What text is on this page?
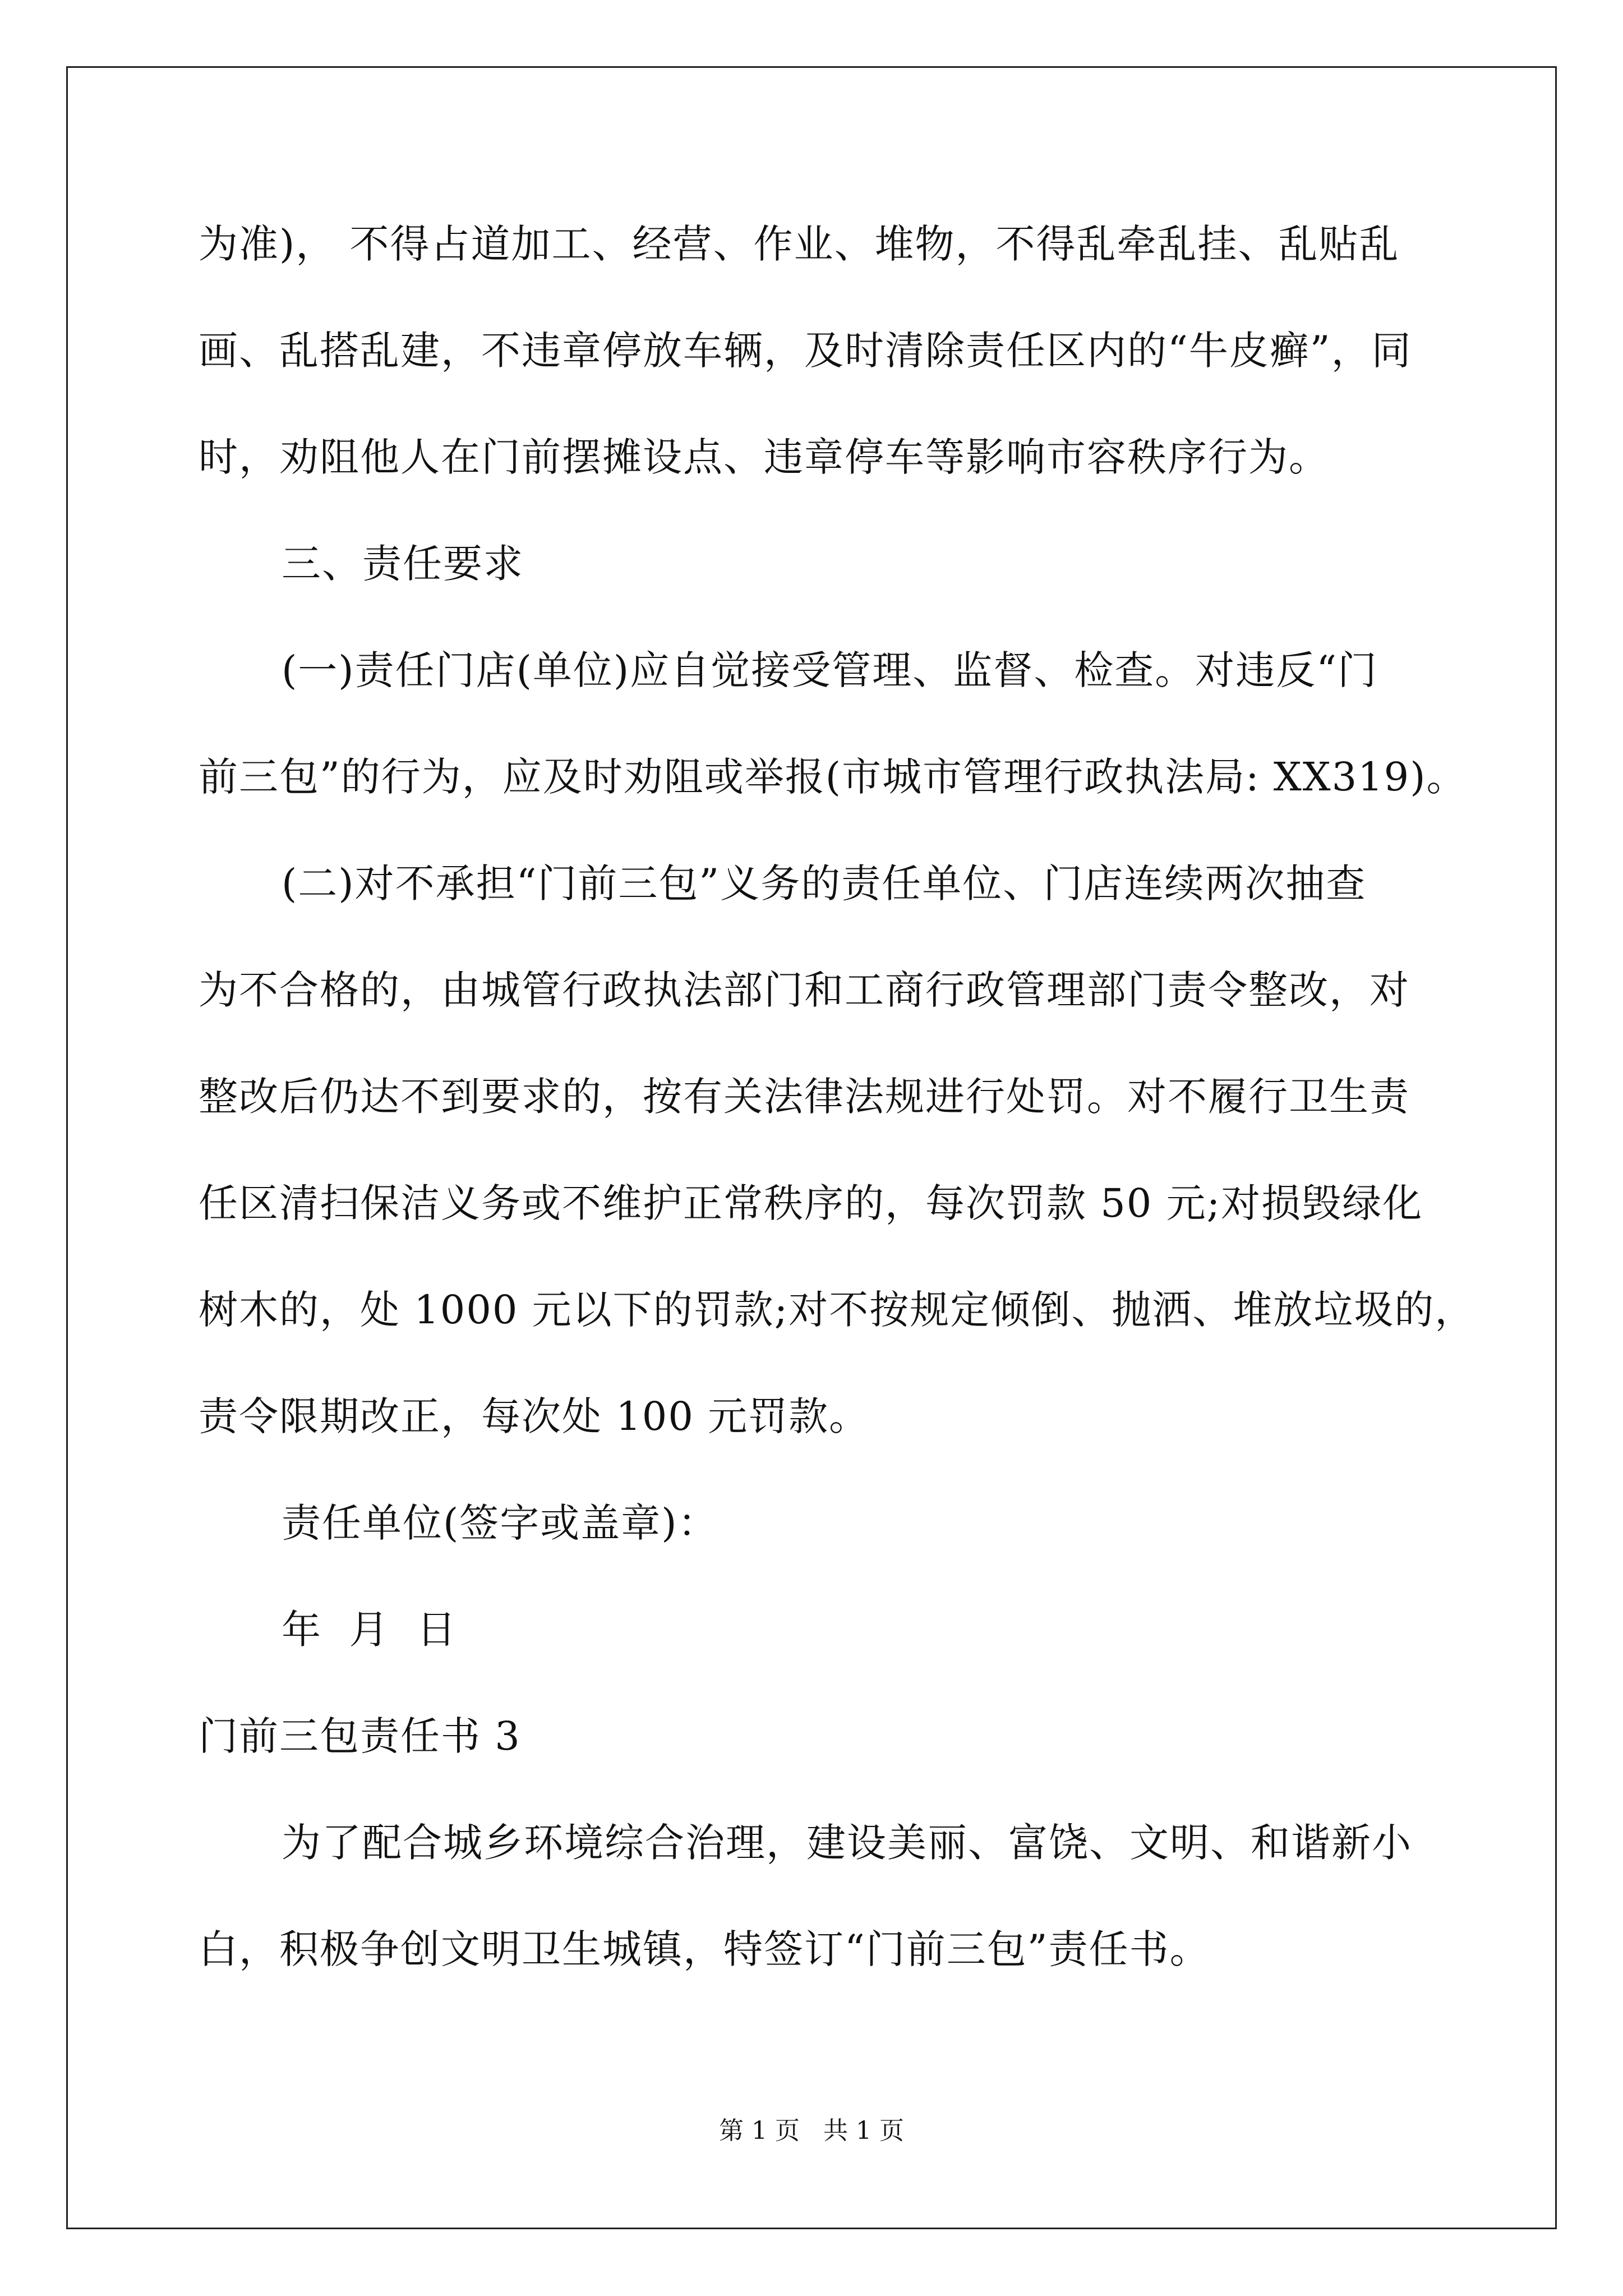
为准)， 不得占道加工、经营、作业、堆物，不得乱牵乱挂、乱贴乱
画、乱搭乱建，不违章停放车辆，及时清除责任区内的“牛皮癣”，同
时，劝阻他人在门前摆摊设点、违章停车等影响市容秩序行为。
三、责任要求
(一)责任门店(单位)应自觉接受管理、监督、检查。对违反“门
前三包”的行为，应及时劝阻或举报(市城市管理行政执法局: XX319)。
(二)对不承担“门前三包”义务的责任单位、门店连续两次抽查
为不合格的，由城管行政执法部门和工商行政管理部门责令整改，对
整改后仍达不到要求的，按有关法律法规进行处罚。对不履行卫生责
任区清扫保洁义务或不维护正常秩序的，每次罚款 50 元;对损毁绿化
树木的，处 1000 元以下的罚款;对不按规定倾倒、抛洒、堆放垃圾的，
责令限期改正，每次处 100 元罚款。
责任单位(签字或盖章)：
年  月  日
门前三包责任书 3
为了配合城乡环境综合治理，建设美丽、富饶、文明、和谐新小
白，积极争创文明卫生城镇，特签订“门前三包”责任书。
第 1 页   共 1 页
